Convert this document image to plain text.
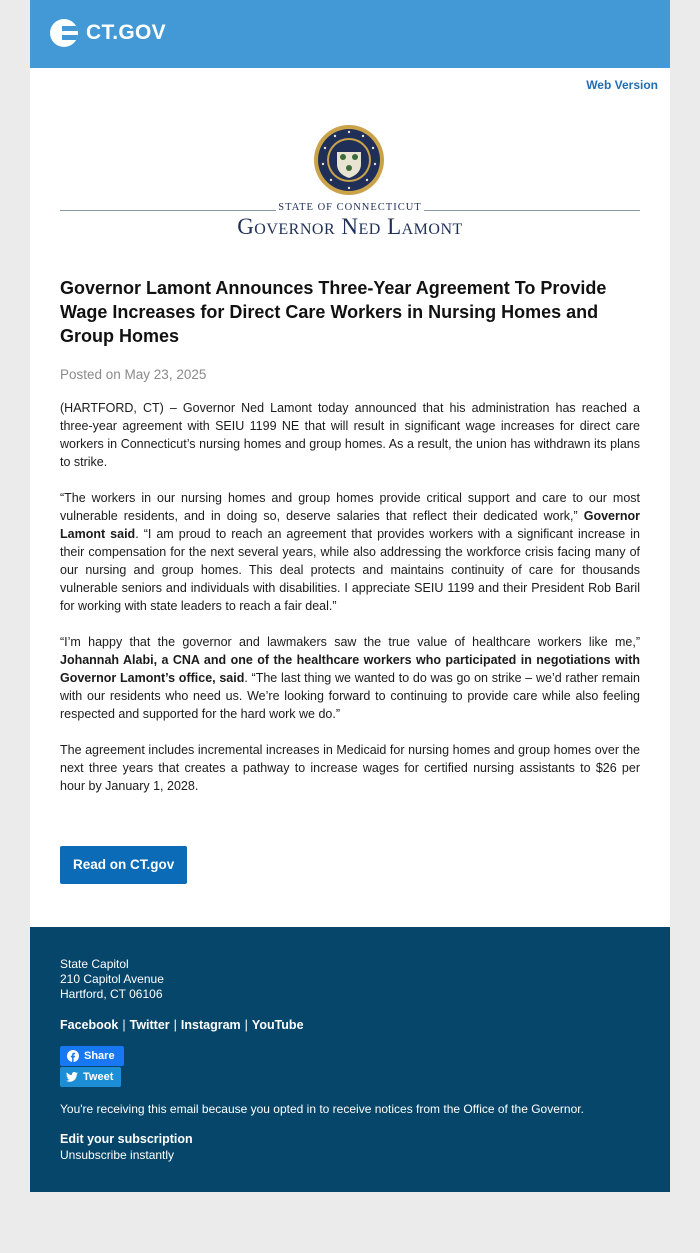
CT.GOV
Web Version
STATE OF CONNECTICUT
Governor Ned Lamont
Governor Lamont Announces Three-Year Agreement To Provide Wage Increases for Direct Care Workers in Nursing Homes and Group Homes
Posted on May 23, 2025

(HARTFORD, CT) – Governor Ned Lamont today announced that his administration has reached a three-year agreement with SEIU 1199 NE that will result in significant wage increases for direct care workers in Connecticut’s nursing homes and group homes. As a result, the union has withdrawn its plans to strike.

“The workers in our nursing homes and group homes provide critical support and care to our most vulnerable residents, and in doing so, deserve salaries that reflect their dedicated work,” Governor Lamont said. “I am proud to reach an agreement that provides workers with a significant increase in their compensation for the next several years, while also addressing the workforce crisis facing many of our nursing and group homes. This deal protects and maintains continuity of care for thousands vulnerable seniors and individuals with disabilities. I appreciate SEIU 1199 and their President Rob Baril for working with state leaders to reach a fair deal.”

“I’m happy that the governor and lawmakers saw the true value of healthcare workers like me,” Johannah Alabi, a CNA and one of the healthcare workers who participated in negotiations with Governor Lamont’s office, said. “The last thing we wanted to do was go on strike – we’d rather remain with our residents who need us. We’re looking forward to continuing to provide care while also feeling respected and supported for the hard work we do.”

The agreement includes incremental increases in Medicaid for nursing homes and group homes over the next three years that creates a pathway to increase wages for certified nursing assistants to $26 per hour by January 1, 2028.

Read on CT.gov
State Capitol
210 Capitol Avenue
Hartford, CT 06106
Facebook | Twitter | Instagram | YouTube
Share
Tweet
You're receiving this email because you opted in to receive notices from the Office of the Governor.
Edit your subscription
Unsubscribe instantly
